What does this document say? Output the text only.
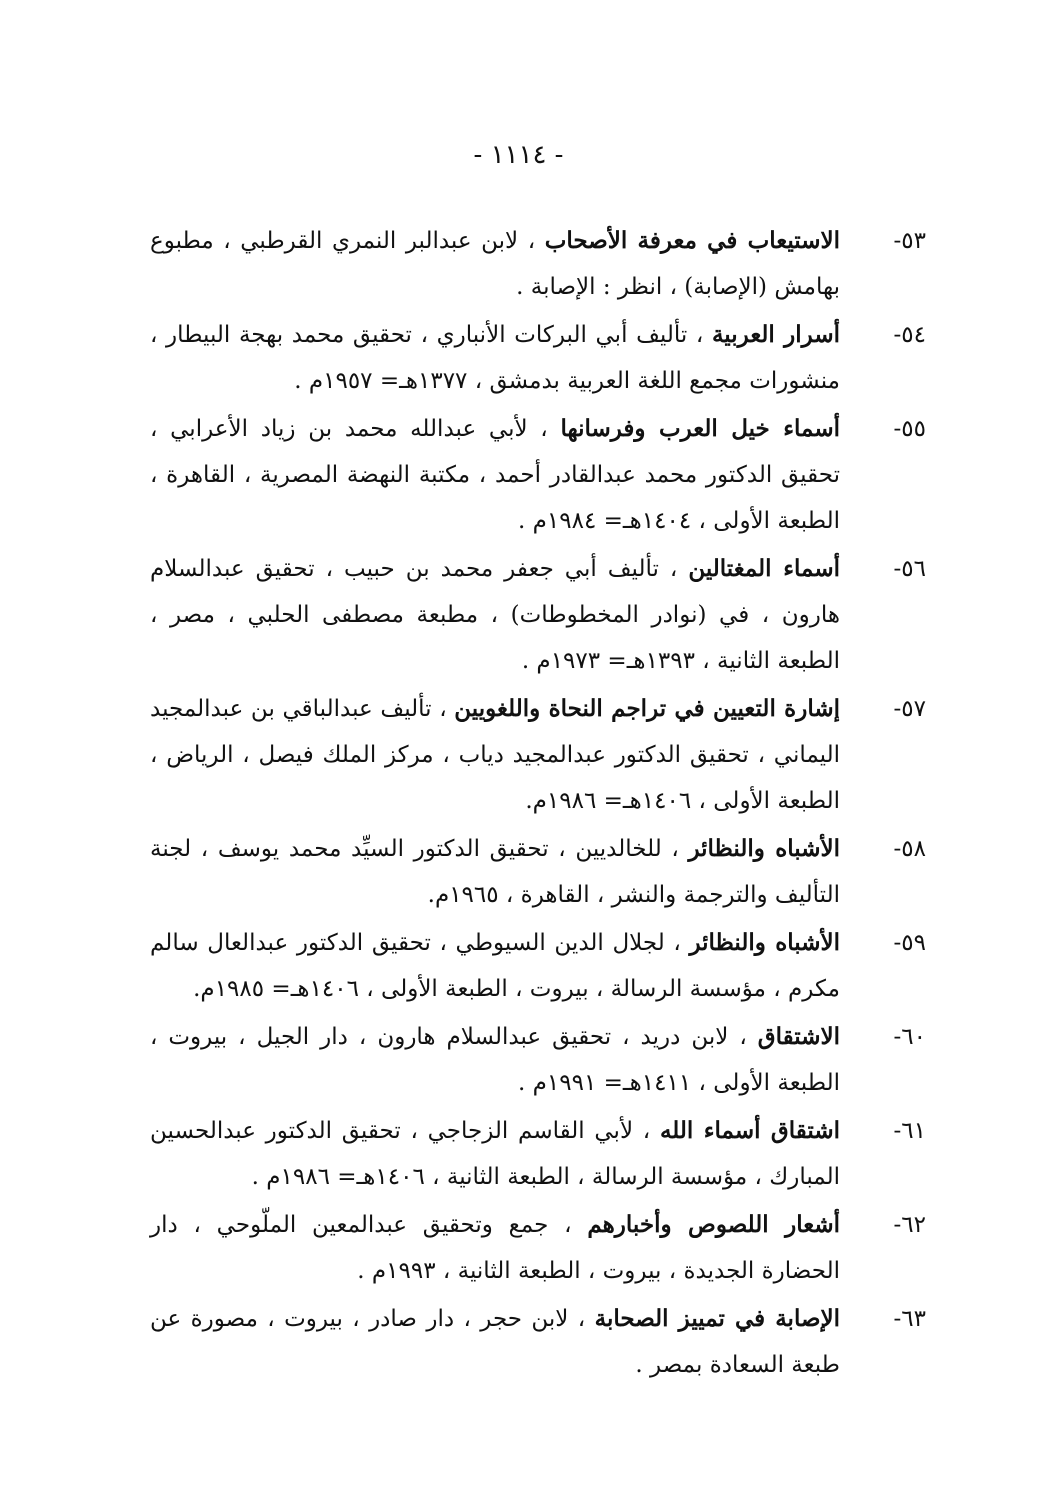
- ١١١٤ -
٥٣-
الاستيعاب في معرفة الأصحاب ، لابن عبدالبر النمري القرطبي ، مطبوع بهامش (الإصابة) ، انظر : الإصابة .
٥٤-
أسرار العربية ، تأليف أبي البركات الأنباري ، تحقيق محمد بهجة البيطار ، منشورات مجمع اللغة العربية بدمشق ، ١٣٧٧هـ= ١٩٥٧م .
٥٥-
أسماء خيل العرب وفرسانها ، لأبي عبدالله محمد بن زياد الأعرابي ، تحقيق الدكتور محمد عبدالقادر أحمد ، مكتبة النهضة المصرية ، القاهرة ، الطبعة الأولى ، ١٤٠٤هـ= ١٩٨٤م .
٥٦-
أسماء المغتالين ، تأليف أبي جعفر محمد بن حبيب ، تحقيق عبدالسلام هارون ، في (نوادر المخطوطات) ، مطبعة مصطفى الحلبي ، مصر ، الطبعة الثانية ، ١٣٩٣هـ= ١٩٧٣م .
٥٧-
إشارة التعيين في تراجم النحاة واللغويين ، تأليف عبدالباقي بن عبدالمجيد اليماني ، تحقيق الدكتور عبدالمجيد دياب ، مركز الملك فيصل ، الرياض ، الطبعة الأولى ، ١٤٠٦هـ= ١٩٨٦م.
٥٨-
الأشباه والنظائر ، للخالديين ، تحقيق الدكتور السيِّد محمد يوسف ، لجنة التأليف والترجمة والنشر ، القاهرة ، ١٩٦٥م.
٥٩-
الأشباه والنظائر ، لجلال الدين السيوطي ، تحقيق الدكتور عبدالعال سالم مكرم ، مؤسسة الرسالة ، بيروت ، الطبعة الأولى ، ١٤٠٦هـ= ١٩٨٥م.
٦٠-
الاشتقاق ، لابن دريد ، تحقيق عبدالسلام هارون ، دار الجيل ، بيروت ، الطبعة الأولى ، ١٤١١هـ= ١٩٩١م .
٦١-
اشتقاق أسماء الله ، لأبي القاسم الزجاجي ، تحقيق الدكتور عبدالحسين المبارك ، مؤسسة الرسالة ، الطبعة الثانية ، ١٤٠٦هـ= ١٩٨٦م .
٦٢-
أشعار اللصوص وأخبارهم ، جمع وتحقيق عبدالمعين الملّوحي ، دار الحضارة الجديدة ، بيروت ، الطبعة الثانية ، ١٩٩٣م .
٦٣-
الإصابة في تمييز الصحابة ، لابن حجر ، دار صادر ، بيروت ، مصورة عن طبعة السعادة بمصر .
